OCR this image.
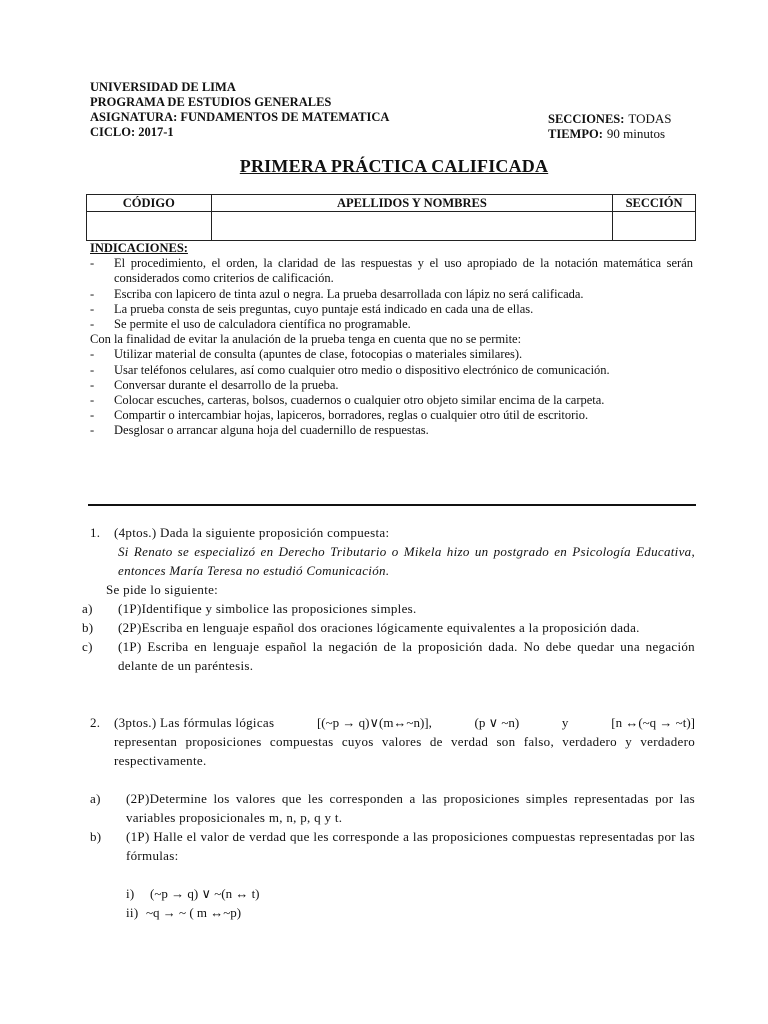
UNIVERSIDAD DE LIMA
PROGRAMA DE ESTUDIOS GENERALES
ASIGNATURA: FUNDAMENTOS DE MATEMATICA
CICLO: 2017-1
SECCIONES: TODAS
TIEMPO: 90 minutos
PRIMERA PRÁCTICA CALIFICADA
CÓDIGO	APELLIDOS Y NOMBRES	SECCIÓN

INDICACIONES:
- El procedimiento, el orden, la claridad de las respuestas y el uso apropiado de la notación matemática serán considerados como criterios de calificación.
- Escriba con lapicero de tinta azul o negra. La prueba desarrollada con lápiz no será calificada.
- La prueba consta de seis preguntas, cuyo puntaje está indicado en cada una de ellas.
- Se permite el uso de calculadora científica no programable.
Con la finalidad de evitar la anulación de la prueba tenga en cuenta que no se permite:
- Utilizar material de consulta (apuntes de clase, fotocopias o materiales similares).
- Usar teléfonos celulares, así como cualquier otro medio o dispositivo electrónico de comunicación.
- Conversar durante el desarrollo de la prueba.
- Colocar escuches, carteras, bolsos, cuadernos o cualquier otro objeto similar encima de la carpeta.
- Compartir o intercambiar hojas, lapiceros, borradores, reglas o cualquier otro útil de escritorio.
- Desglosar o arrancar alguna hoja del cuadernillo de respuestas.
1. (4ptos.) Dada la siguiente proposición compuesta:
Si Renato se especializó en Derecho Tributario o Mikela hizo un postgrado en Psicología Educativa, entonces María Teresa no estudió Comunicación.
Se pide lo siguiente:
a) (1P)Identifique y simbolice las proposiciones simples.
b) (2P)Escriba en lenguaje español dos oraciones lógicamente equivalentes a la proposición dada.
c) (1P) Escriba en lenguaje español la negación de la proposición dada. No debe quedar una negación delante de un paréntesis.
2. (3ptos.) Las fórmulas lógicas	[(~p → q)∨(m↔~n)],	(p ∨ ~n)	y	[n ↔(~q → ~t)]
representan proposiciones compuestas cuyos valores de verdad son falso, verdadero y verdadero respectivamente.
a) (2P)Determine los valores que les corresponden a las proposiciones simples representadas por las variables proposicionales m, n, p, q y t.
b) (1P) Halle el valor de verdad que les corresponde a las proposiciones compuestas representadas por las fórmulas:
i) (~p → q) ∨ ~(n ↔ t)
ii) ~q → ~ ( m ↔~p)
